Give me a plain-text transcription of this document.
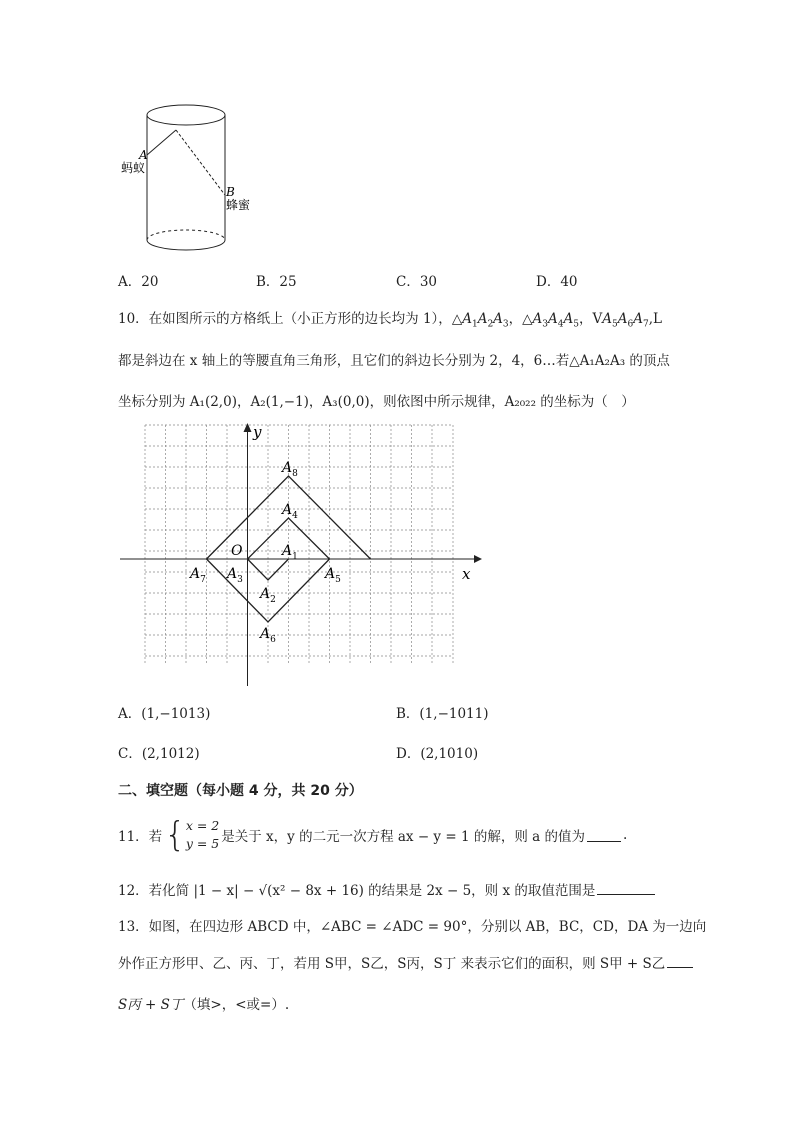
A
蚂蚁
B
蜂蜜
A．20	B．25	C．30	D．40
10．在如图所示的方格纸上（小正方形的边长均为 1），$\triangle A_1A_2A_3$，$\triangle A_3A_4A_5$，$VA_5A_6A_7,L$
都是斜边在 x 轴上的等腰直角三角形，且它们的斜边长分别为 2，4，6…若△A₁A₂A₃ 的顶点
坐标分别为 A₁(2,0)，A₂(1,−1)，A₃(0,0)，则依图中所示规律，A₂₀₂₂ 的坐标为（　）
y
x
O
$A_8$
$A_4$
$A_1$
$A_7$ $A_3$	$A_5$
$A_2$
$A_6$
A．(1,−1013)	B．(1,−1011)
C．(2,1012)	D．(2,1010)
二、填空题（每小题 4 分，共 20 分）
11．若 { x = 2
y = 5 是关于 x，y 的二元一次方程 ax − y = 1 的解，则 a 的值为	.
12．若化简 |1 − x| − √(x² − 8x + 16) 的结果是 2x − 5，则 x 的取值范围是
13．如图，在四边形 ABCD 中，∠ABC = ∠ADC = 90°，分别以 AB，BC，CD，DA 为一边向
外作正方形甲、乙、丙、丁，若用 S甲，S乙，S丙，S丁 来表示它们的面积，则 S甲 + S乙
S丙 + S丁（填>，<或=）.
